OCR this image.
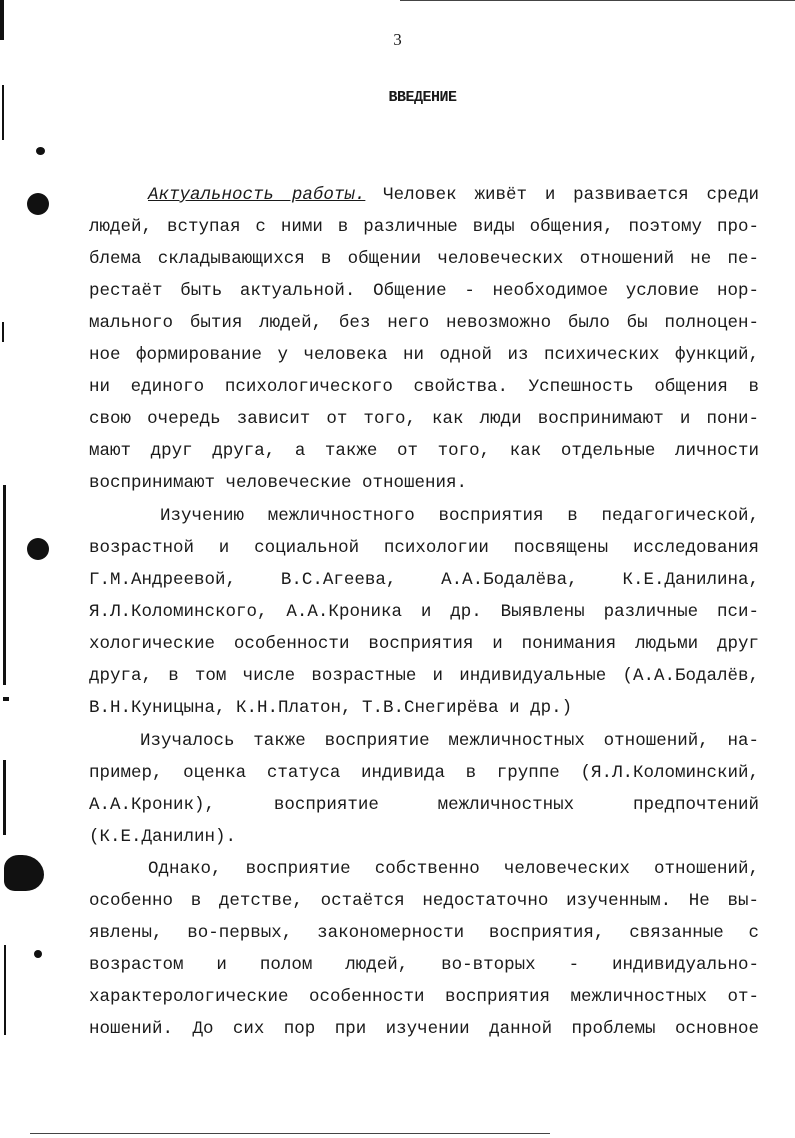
3
ВВЕДЕНИЕ
Актуальность работы. Человек живёт и развивается среди
людей, вступая с ними в различные виды общения, поэтому про-
блема складывающихся в общении человеческих отношений не пе-
рестаёт быть актуальной. Общение - необходимое условие нор-
мального бытия людей, без него невозможно было бы полноцен-
ное формирование у человека ни одной из психических функций,
ни единого психологического свойства. Успешность общения в
свою очередь зависит от того, как люди воспринимают и пони-
мают друг друга, а также от того, как отдельные личности
воспринимают человеческие отношения.
Изучению межличностного восприятия в педагогической,
возрастной и социальной психологии посвящены исследования
Г.М.Андреевой, В.С.Агеева, А.А.Бодалёва, К.Е.Данилина,
Я.Л.Коломинского, А.А.Кроника и др. Выявлены различные пси-
хологические особенности восприятия и понимания людьми друг
друга, в том числе возрастные и индивидуальные (А.А.Бодалёв,
В.Н.Куницына, К.Н.Платон, Т.В.Снегирёва и др.)
Изучалось также восприятие межличностных отношений, на-
пример, оценка статуса индивида в группе (Я.Л.Коломинский,
А.А.Кроник), восприятие межличностных предпочтений
(К.Е.Данилин).
Однако, восприятие собственно человеческих отношений,
особенно в детстве, остаётся недостаточно изученным. Не вы-
явлены, во-первых, закономерности восприятия, связанные с
возрастом и полом людей, во-вторых - индивидуально-
характерологические особенности восприятия межличностных от-
ношений. До сих пор при изучении данной проблемы основное
